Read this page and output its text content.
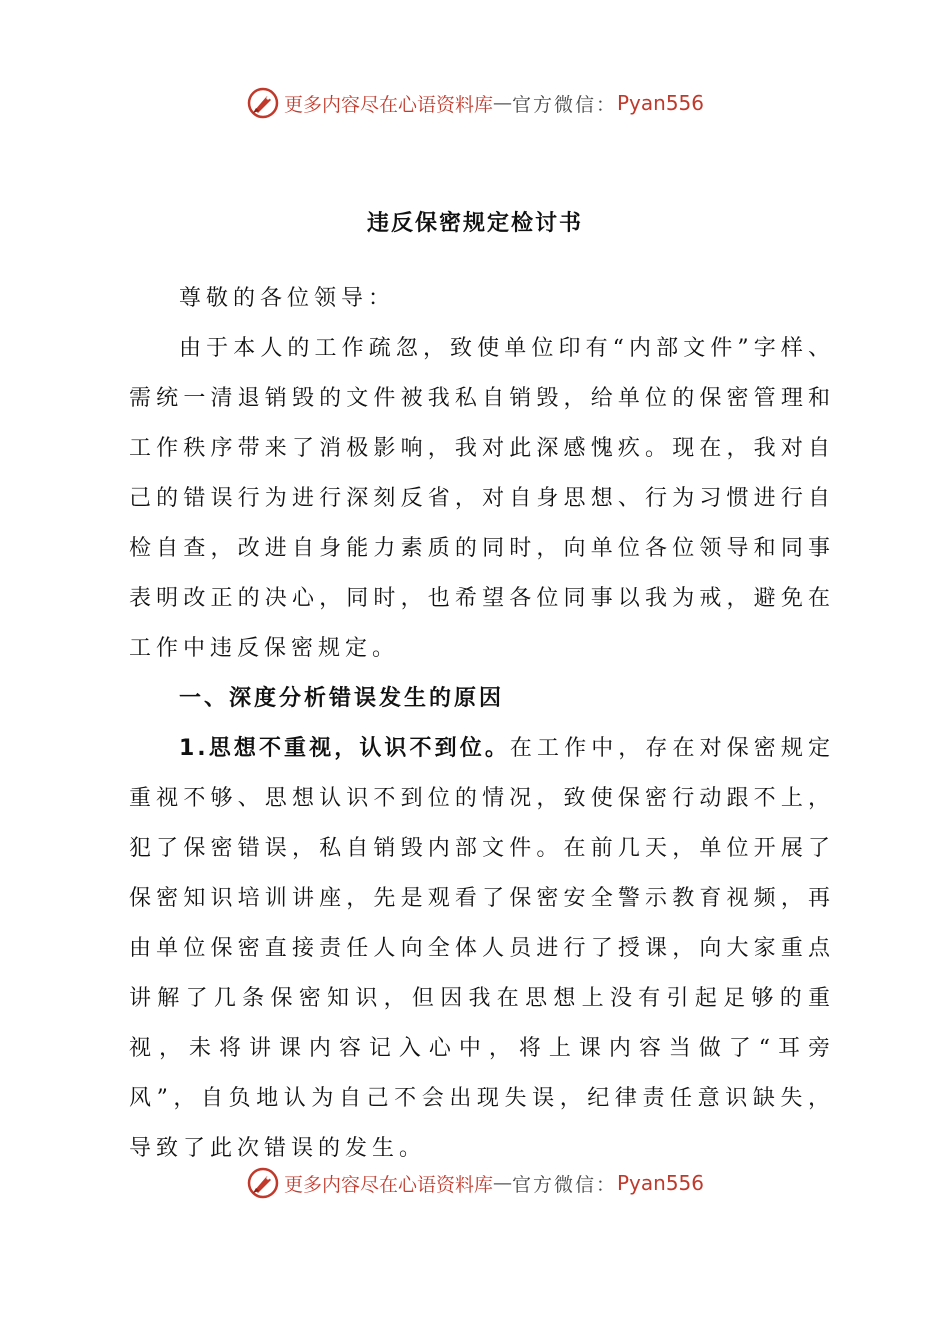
更多内容尽在心语资料库 — 官方微信： Pyan556
违反保密规定检讨书

尊敬的各位领导：

由于本人的工作疏忽，致使单位印有“内部文件”字样、需统一清退销毁的文件被我私自销毁，给单位的保密管理和工作秩序带来了消极影响，我对此深感愧疚。现在，我对自己的错误行为进行深刻反省，对自身思想、行为习惯进行自检自查，改进自身能力素质的同时，向单位各位领导和同事表明改正的决心，同时，也希望各位同事以我为戒，避免在工作中违反保密规定。

一、深度分析错误发生的原因

1.思想不重视，认识不到位。在工作中，存在对保密规定重视不够、思想认识不到位的情况，致使保密行动跟不上，犯了保密错误，私自销毁内部文件。在前几天，单位开展了保密知识培训讲座，先是观看了保密安全警示教育视频，再由单位保密直接责任人向全体人员进行了授课，向大家重点讲解了几条保密知识，但因我在思想上没有引起足够的重视，未将讲课内容记入心中，将上课内容当做了“耳旁风”，自负地认为自己不会出现失误，纪律责任意识缺失，导致了此次错误的发生。

更多内容尽在心语资料库 — 官方微信： Pyan556
